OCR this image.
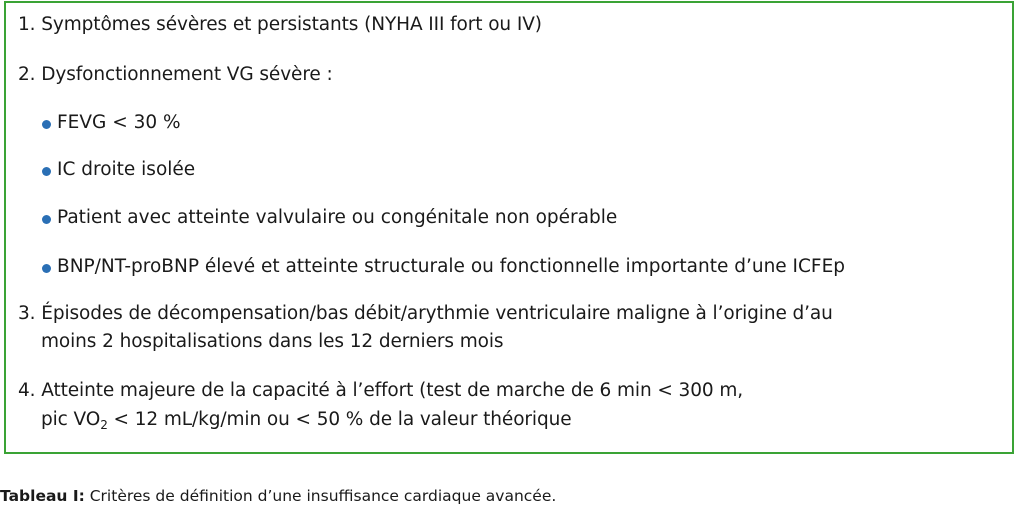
1. Symptômes sévères et persistants (NYHA III fort ou IV)
2. Dysfonctionnement VG sévère :
FEVG < 30 %
IC droite isolée
Patient avec atteinte valvulaire ou congénitale non opérable
BNP/NT-proBNP élevé et atteinte structurale ou fonctionnelle importante d’une ICFEp
3. Épisodes de décompensation/bas débit/arythmie ventriculaire maligne à l’origine d’au
moins 2 hospitalisations dans les 12 derniers mois
4. Atteinte majeure de la capacité à l’effort (test de marche de 6 min < 300 m,
pic $VO_2 < 12$ mL/kg/min ou < 50 % de la valeur théorique
Tableau I: Critères de définition d’une insuffisance cardiaque avancée.
